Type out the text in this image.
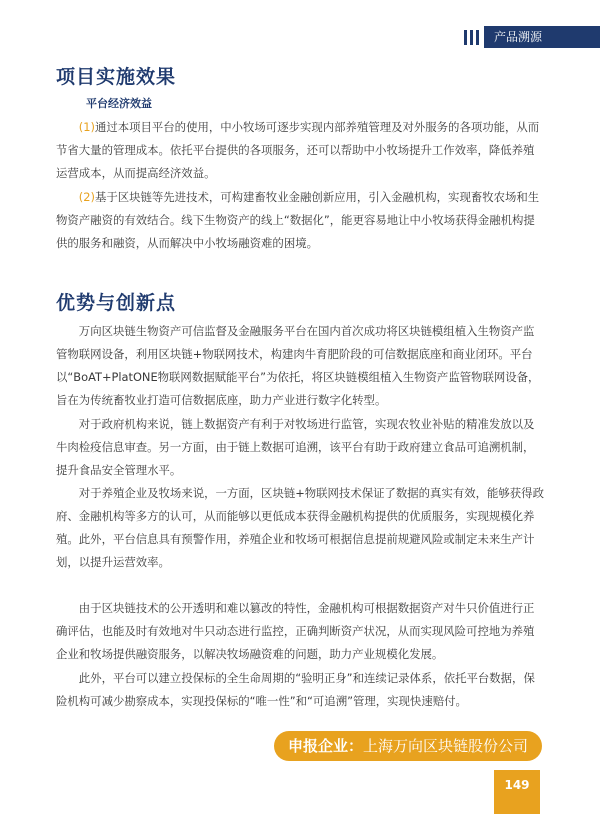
产品溯源
项目实施效果
平台经济效益

(1)通过本项目平台的使用，中小牧场可逐步实现内部养殖管理及对外服务的各项功能，从而节省大量的管理成本。依托平台提供的各项服务，还可以帮助中小牧场提升工作效率，降低养殖运营成本，从而提高经济效益。

(2)基于区块链等先进技术，可构建畜牧业金融创新应用，引入金融机构，实现畜牧农场和生物资产融资的有效结合。线下生物资产的线上“数据化”，能更容易地让中小牧场获得金融机构提供的服务和融资，从而解决中小牧场融资难的困境。

优势与创新点

万向区块链生物资产可信监督及金融服务平台在国内首次成功将区块链模组植入生物资产监管物联网设备，利用区块链+物联网技术，构建肉牛育肥阶段的可信数据底座和商业闭环。平台以“BoAT+PlatONE物联网数据赋能平台”为依托，将区块链模组植入生物资产监管物联网设备，旨在为传统畜牧业打造可信数据底座，助力产业进行数字化转型。

对于政府机构来说，链上数据资产有利于对牧场进行监管，实现农牧业补贴的精准发放以及牛肉检疫信息审查。另一方面，由于链上数据可追溯，该平台有助于政府建立食品可追溯机制，提升食品安全管理水平。

对于养殖企业及牧场来说，一方面，区块链+物联网技术保证了数据的真实有效，能够获得政府、金融机构等多方的认可，从而能够以更低成本获得金融机构提供的优质服务，实现规模化养殖。此外，平台信息具有预警作用，养殖企业和牧场可根据信息提前规避风险或制定未来生产计划，以提升运营效率。

由于区块链技术的公开透明和难以篡改的特性，金融机构可根据数据资产对牛只价值进行正确评估，也能及时有效地对牛只动态进行监控，正确判断资产状况，从而实现风险可控地为养殖企业和牧场提供融资服务，以解决牧场融资难的问题，助力产业规模化发展。

此外，平台可以建立投保标的全生命周期的“验明正身”和连续记录体系，依托平台数据，保险机构可减少勘察成本，实现投保标的“唯一性”和“可追溯”管理，实现快速赔付。

申报企业：上海万向区块链股份公司
149
